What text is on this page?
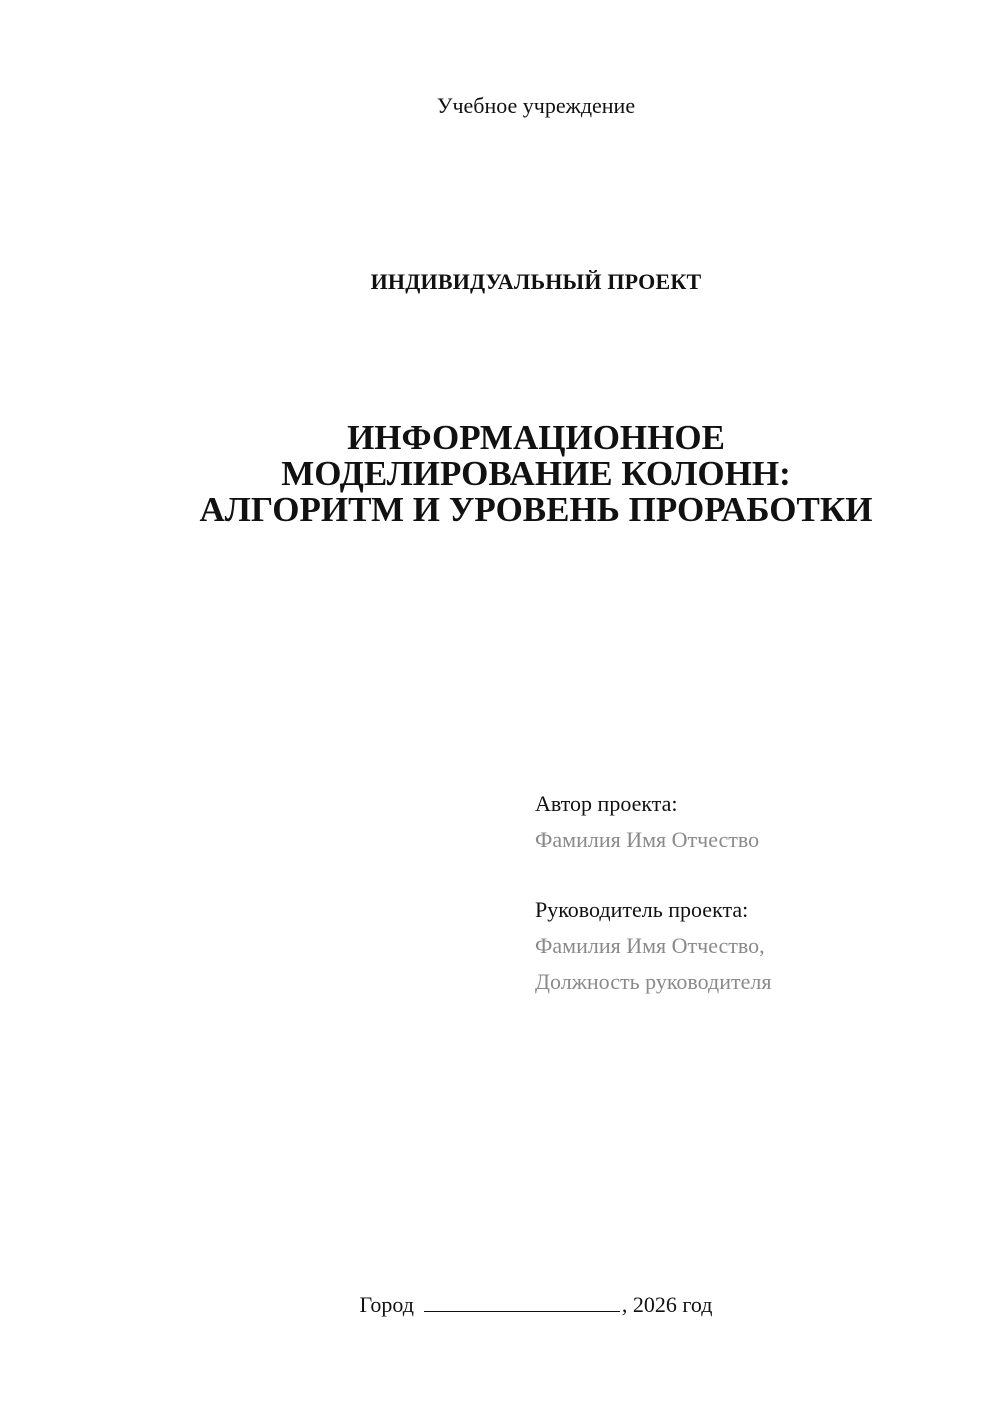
Учебное учреждение
ИНДИВИДУАЛЬНЫЙ ПРОЕКТ
ИНФОРМАЦИОННОЕ
МОДЕЛИРОВАНИЕ КОЛОНН:
АЛГОРИТМ И УРОВЕНЬ ПРОРАБОТКИ
Автор проекта:
Фамилия Имя Отчество
Руководитель проекта:
Фамилия Имя Отчество,
Должность руководителя
Город	, 2026 год
